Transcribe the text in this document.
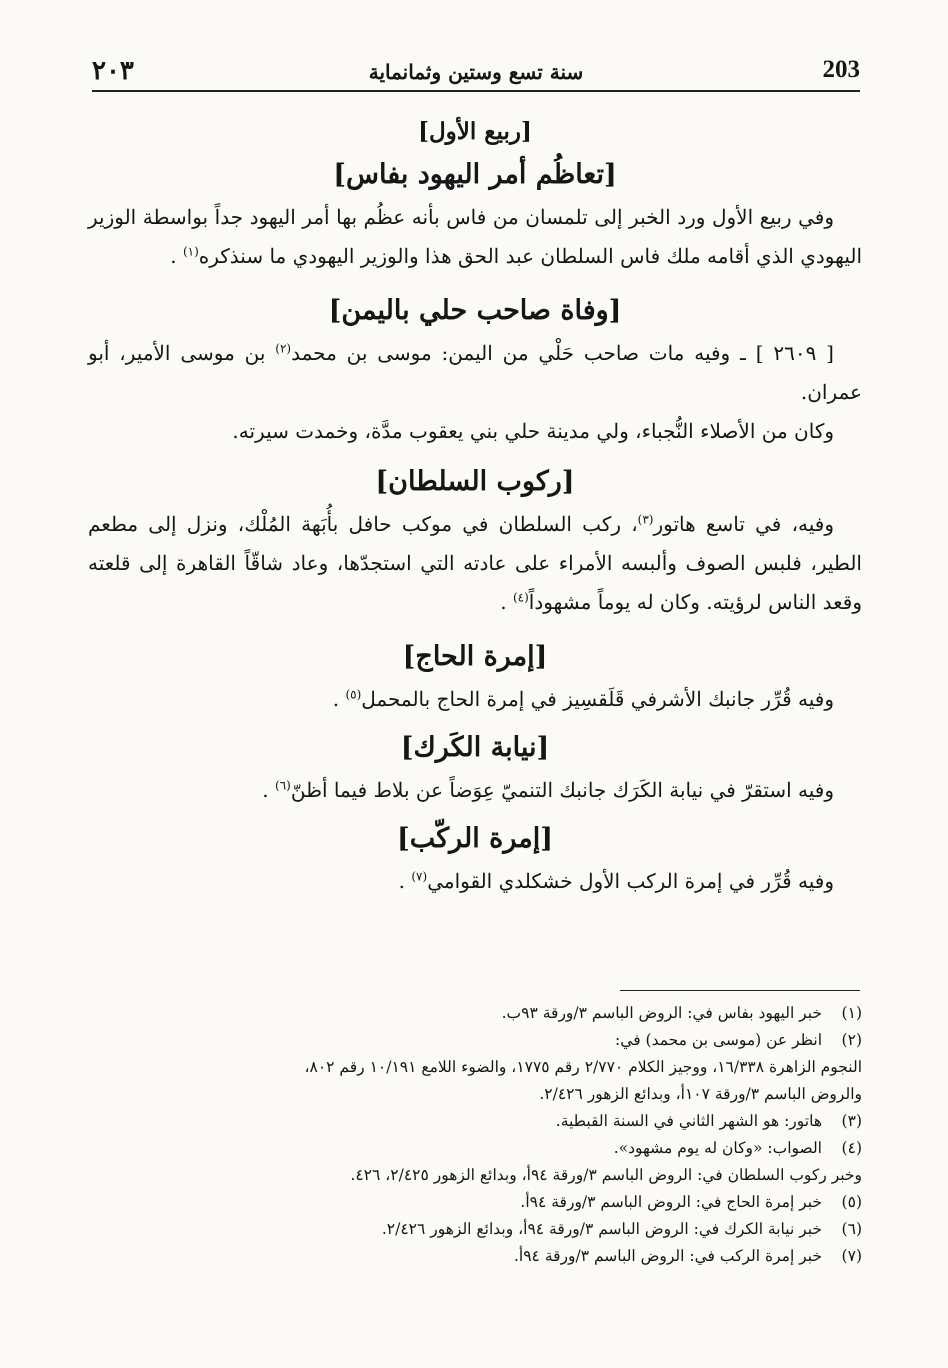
٢٠٣	سنة تسع وستين وثمانماية	203
[ربيع الأول]
[تعاظُم أمر اليهود بفاس]

وفي ربيع الأول ورد الخبر إلى تلمسان من فاس بأنه عظُم بها أمر اليهود جداً بواسطة الوزير اليهودي الذي أقامه ملك فاس السلطان عبد الحق هذا والوزير اليهودي ما سنذكره$^{(١)}$ .

[وفاة صاحب حلي باليمن]

[ ٢٦٠٩ ] ـ وفيه مات صاحب حَلْي من اليمن: موسى بن محمد$^{(٢)}$ بن موسى الأمير، أبو عمران.

وكان من الأصلاء النُّجباء، ولي مدينة حلي بني يعقوب مدَّة، وخمدت سيرته.

[ركوب السلطان]

وفيه، في تاسع هاتور$^{(٣)}$، ركب السلطان في موكب حافل بأُبَهة المُلْك، ونزل إلى مطعم الطير، فلبس الصوف وألبسه الأمراء على عادته التي استجدّها، وعاد شاقّاً القاهرة إلى قلعته وقعد الناس لرؤيته. وكان له يوماً مشهوداً$^{(٤)}$ .

[إمرة الحاج]

وفيه قُرِّر جانبك الأشرفي قَلَقسِيز في إمرة الحاج بالمحمل$^{(٥)}$ .

[نيابة الكَرك]

وفيه استقرّ في نيابة الكَرَك جانبك التنميّ عِوَضاً عن بلاط فيما أظنّ$^{(٦)}$ .

[إمرة الركّب]

وفيه قُرِّر في إمرة الركب الأول خشكلدي القوامي$^{(٧)}$ .

(١)
خبر اليهود بفاس في: الروض الباسم ٣/ورقة ٩٣ب.
(٢)
انظر عن (موسى بن محمد) في:
النجوم الزاهرة ١٦/٣٣٨، ووجيز الكلام ٢/٧٧٠ رقم ١٧٧٥، والضوء اللامع ١٠/١٩١ رقم ٨٠٢،
والروض الباسم ٣/ورقة ١٠٧أ، وبدائع الزهور ٢/٤٢٦.
(٣)
هاتور: هو الشهر الثاني في السنة القبطية.
(٤)
الصواب: «وكان له يوم مشهود».
وخبر ركوب السلطان في: الروض الباسم ٣/ورقة ٩٤أ، وبدائع الزهور ٢/٤٢٥، ٤٢٦.
(٥)
خبر إمرة الحاج في: الروض الباسم ٣/ورقة ٩٤أ.
(٦)
خبر نيابة الكرك في: الروض الباسم ٣/ورقة ٩٤أ، وبدائع الزهور ٢/٤٢٦.
(٧)
خبر إمرة الركب في: الروض الباسم ٣/ورقة ٩٤أ.
